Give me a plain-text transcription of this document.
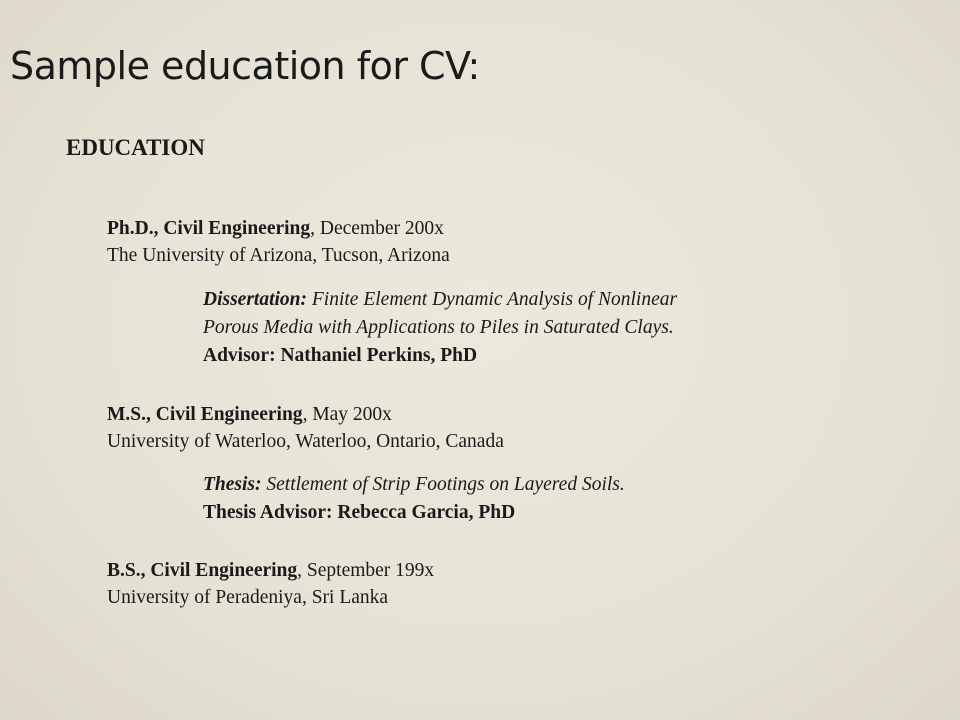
Sample education for CV:
EDUCATION
Ph.D., Civil Engineering, December 200x
The University of Arizona, Tucson, Arizona
Dissertation: Finite Element Dynamic Analysis of Nonlinear
Porous Media with Applications to Piles in Saturated Clays.
Advisor: Nathaniel Perkins, PhD
M.S., Civil Engineering, May 200x
University of Waterloo, Waterloo, Ontario, Canada
Thesis: Settlement of Strip Footings on Layered Soils.
Thesis Advisor: Rebecca Garcia, PhD
B.S., Civil Engineering, September 199x
University of Peradeniya, Sri Lanka
